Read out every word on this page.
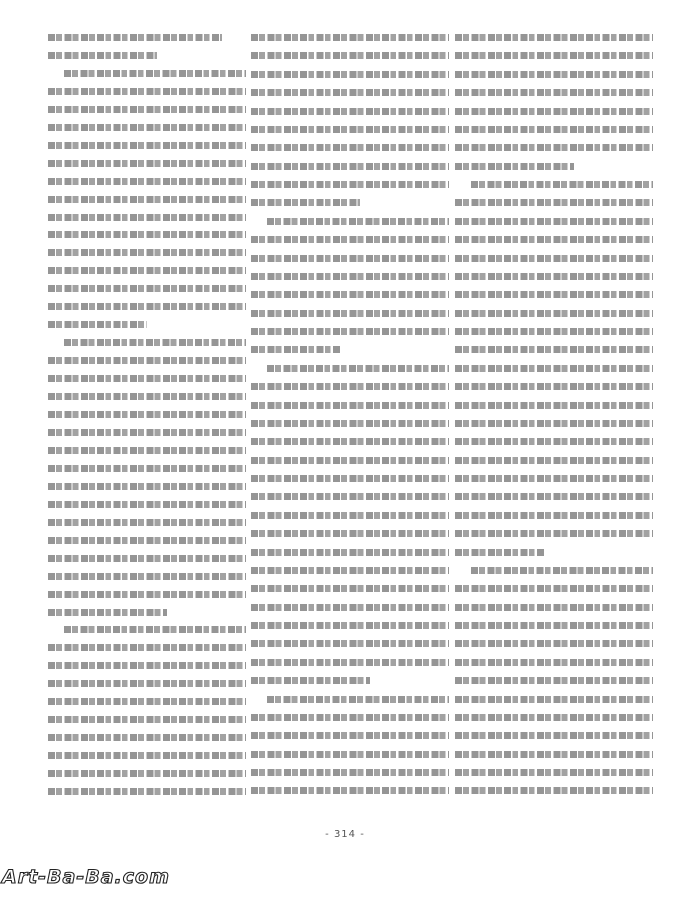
- 314 -
Art-Ba-Ba.com
